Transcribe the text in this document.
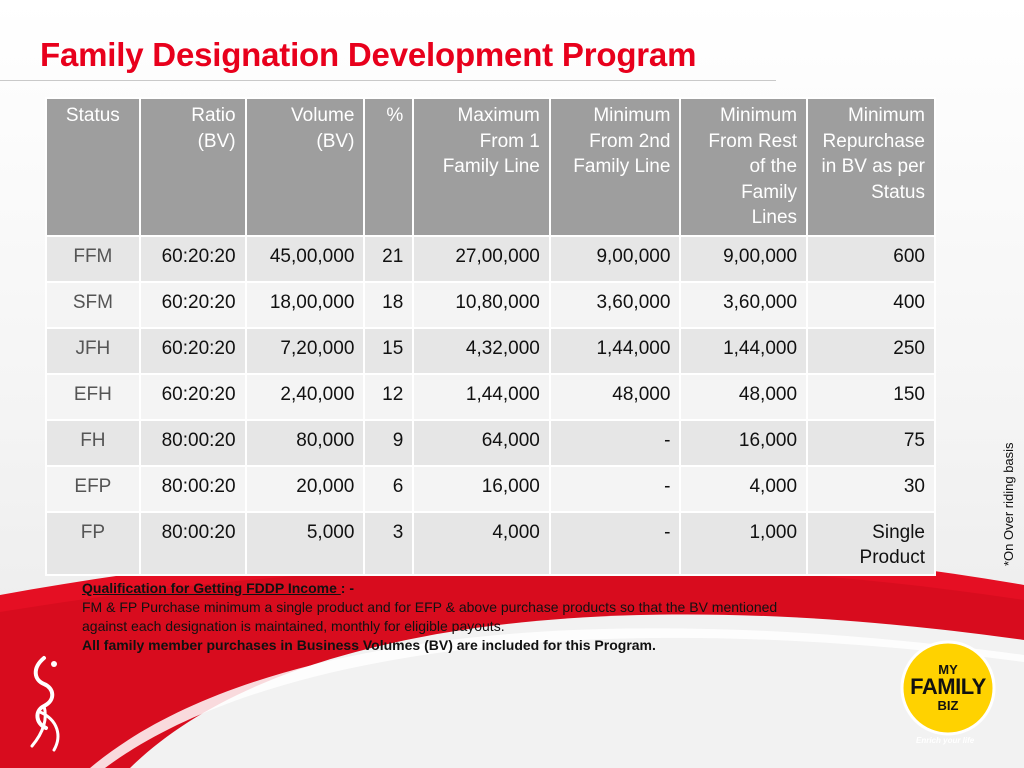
Family Designation Development Program
Status	Ratio (BV)	Volume (BV)	%	Maximum From 1 Family Line	Minimum From 2nd Family Line	Minimum From Rest of the Family Lines	Minimum Repurchase in BV as per Status
FFM	60:20:20	45,00,000	21	27,00,000	9,00,000	9,00,000	600
SFM	60:20:20	18,00,000	18	10,80,000	3,60,000	3,60,000	400
JFH	60:20:20	7,20,000	15	4,32,000	1,44,000	1,44,000	250
EFH	60:20:20	2,40,000	12	1,44,000	48,000	48,000	150
FH	80:00:20	80,000	9	64,000	-	16,000	75
EFP	80:00:20	20,000	6	16,000	-	4,000	30
FP	80:00:20	5,000	3	4,000	-	1,000	Single Product	*On Over riding basis
Qualification for Getting FDDP Income : -
FM & FP Purchase minimum a single product and for EFP & above purchase products so that the BV mentioned against each designation is maintained, monthly for eligible payouts.
All family member purchases in Business Volumes (BV) are included for this Program.
MY
FAMILY
BIZ
Enrich your life
